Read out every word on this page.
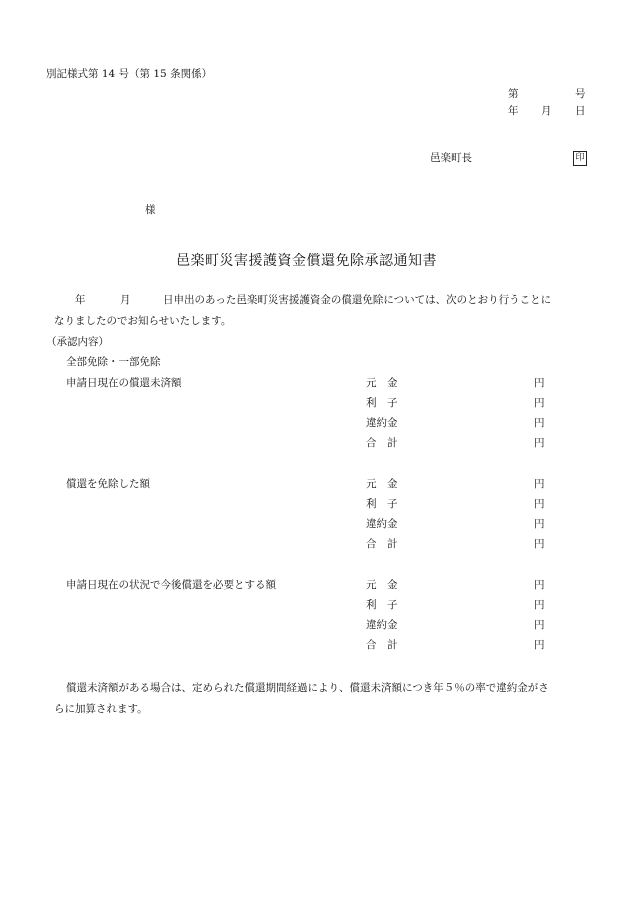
別記様式第 14 号（第 15 条関係）
第	号
年 月 日
邑楽町長	印
様
邑楽町災害援護資金償還免除承認通知書
年	月	日申出のあった邑楽町災害援護資金の償還免除については、次のとおり行うことに
なりましたのでお知らせいたします。
（承認内容）
全部免除・一部免除
申請日現在の償還未済額	元　金	円
利　子	円
違約金	円
合　計	円
償還を免除した額	元　金	円
利　子	円
違約金	円
合　計	円
申請日現在の状況で今後償還を必要とする額	元　金	円
利　子	円
違約金	円
合　計	円
償還未済額がある場合は、定められた償還期間経過により、償還未済額につき年５％の率で違約金がさ
らに加算されます。
